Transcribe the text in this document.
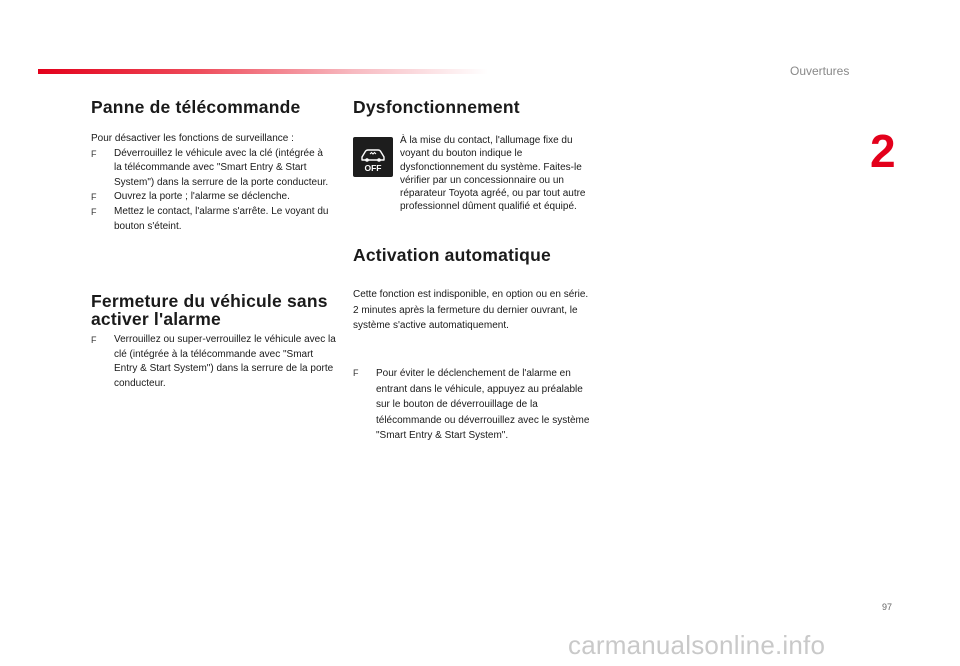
Ouvertures
2
Panne de télécommande

Pour désactiver les fonctions de surveillance :

F Déverrouillez le véhicule avec la clé (intégrée à la télécommande avec "Smart Entry & Start System") dans la serrure de la porte conducteur.
F Ouvrez la porte ; l'alarme se déclenche.
F Mettez le contact, l'alarme s'arrête. Le voyant du bouton s'éteint.
Fermeture du véhicule sans activer l'alarme
F Verrouillez ou super-verrouillez le véhicule avec la clé (intégrée à la télécommande avec "Smart Entry & Start System") dans la serrure de la porte conducteur.
Dysfonctionnement
OFF
À la mise du contact, l'allumage fixe du voyant du bouton indique le dysfonctionnement du système. Faites-le vérifier par un concessionnaire ou un réparateur Toyota agréé, ou par tout autre professionnel dûment qualifié et équipé.
Activation automatique

Cette fonction est indisponible, en option ou en série.

2 minutes après la fermeture du dernier ouvrant, le système s'active automatiquement.

F Pour éviter le déclenchement de l'alarme en entrant dans le véhicule, appuyez au préalable sur le bouton de déverrouillage de la télécommande ou déverrouillez avec le système "Smart Entry & Start System".
97
carmanualsonline.info
